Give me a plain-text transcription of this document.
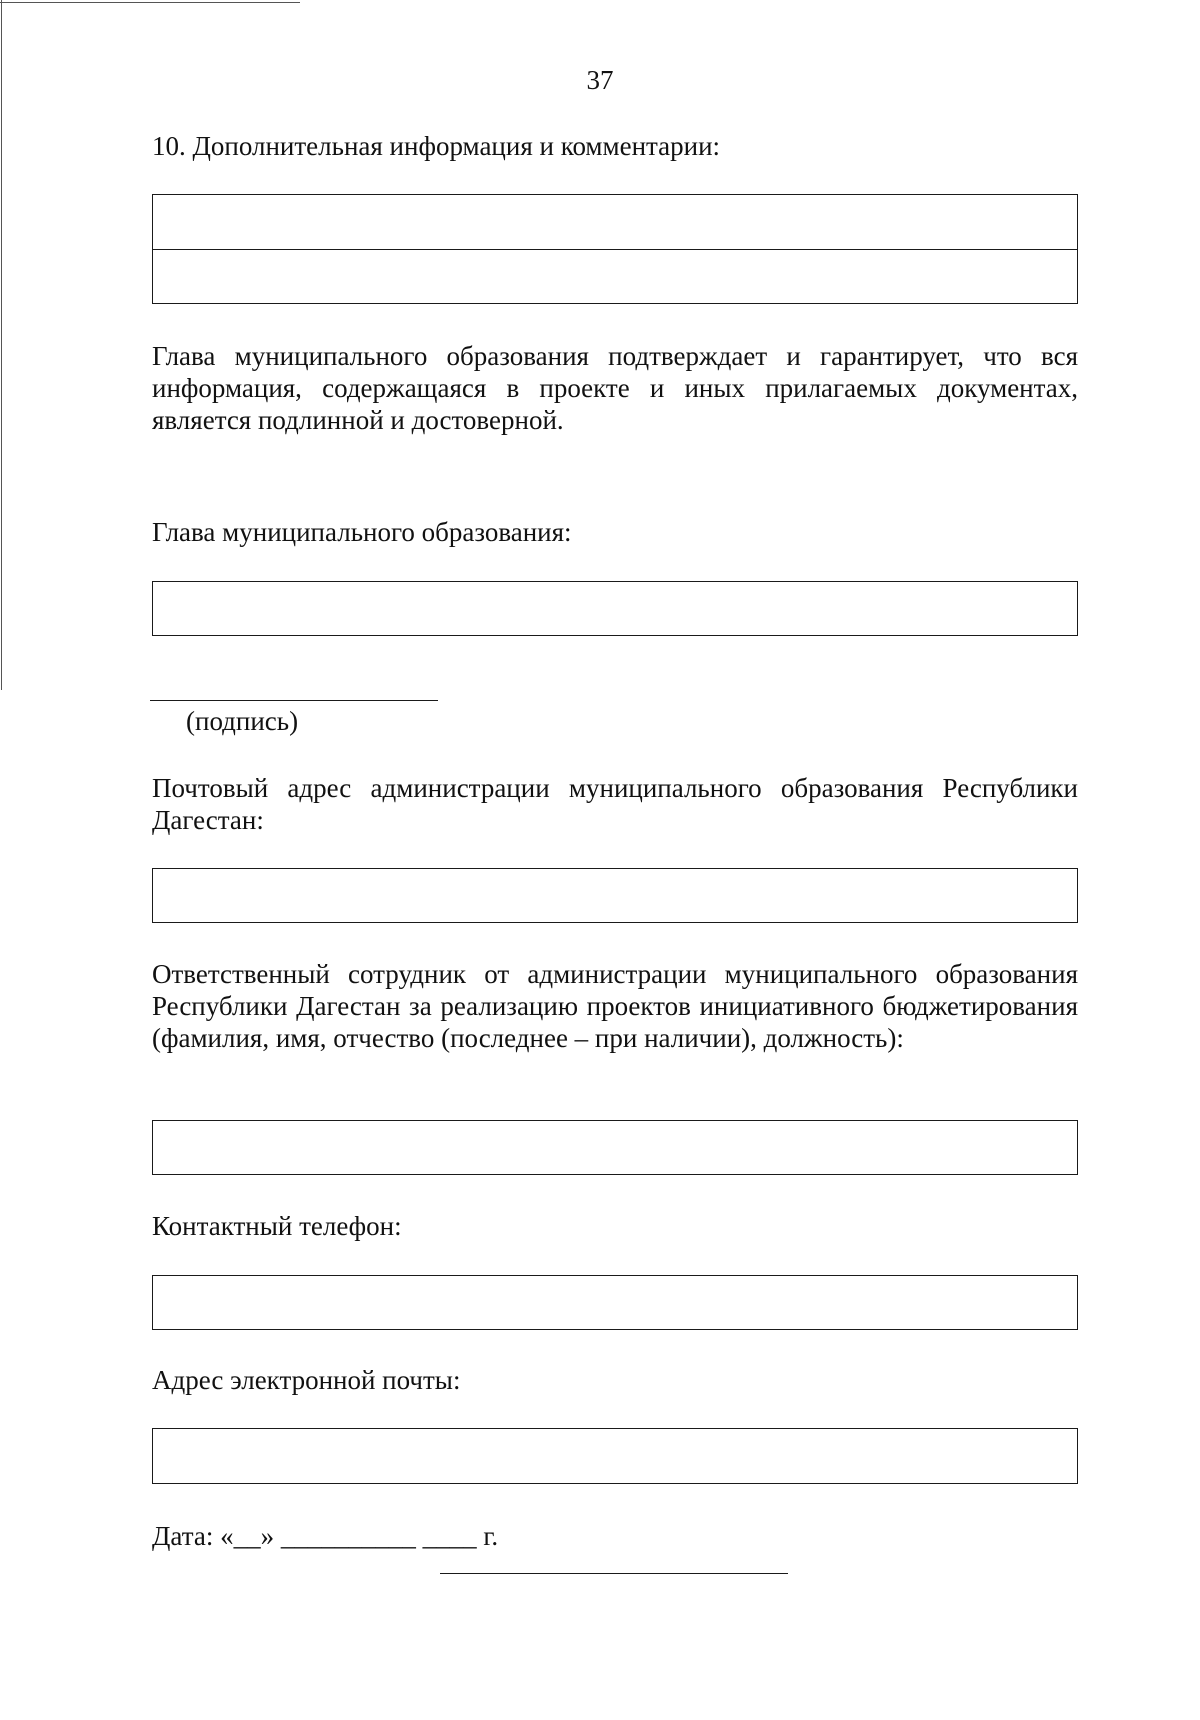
37
10. Дополнительная информация и комментарии:
Глава муниципального образования подтверждает и гарантирует, что вся информация, содержащаяся в проекте и иных прилагаемых документах, является подлинной и достоверной.
Глава муниципального образования:
(подпись)
Почтовый адрес администрации муниципального образования Республики Дагестан:
Ответственный сотрудник от администрации муниципального образования Республики Дагестан за реализацию проектов инициативного бюджетирования (фамилия, имя, отчество (последнее – при наличии), должность):
Контактный телефон:
Адрес электронной почты:
Дата: «__» __________ ____ г.
